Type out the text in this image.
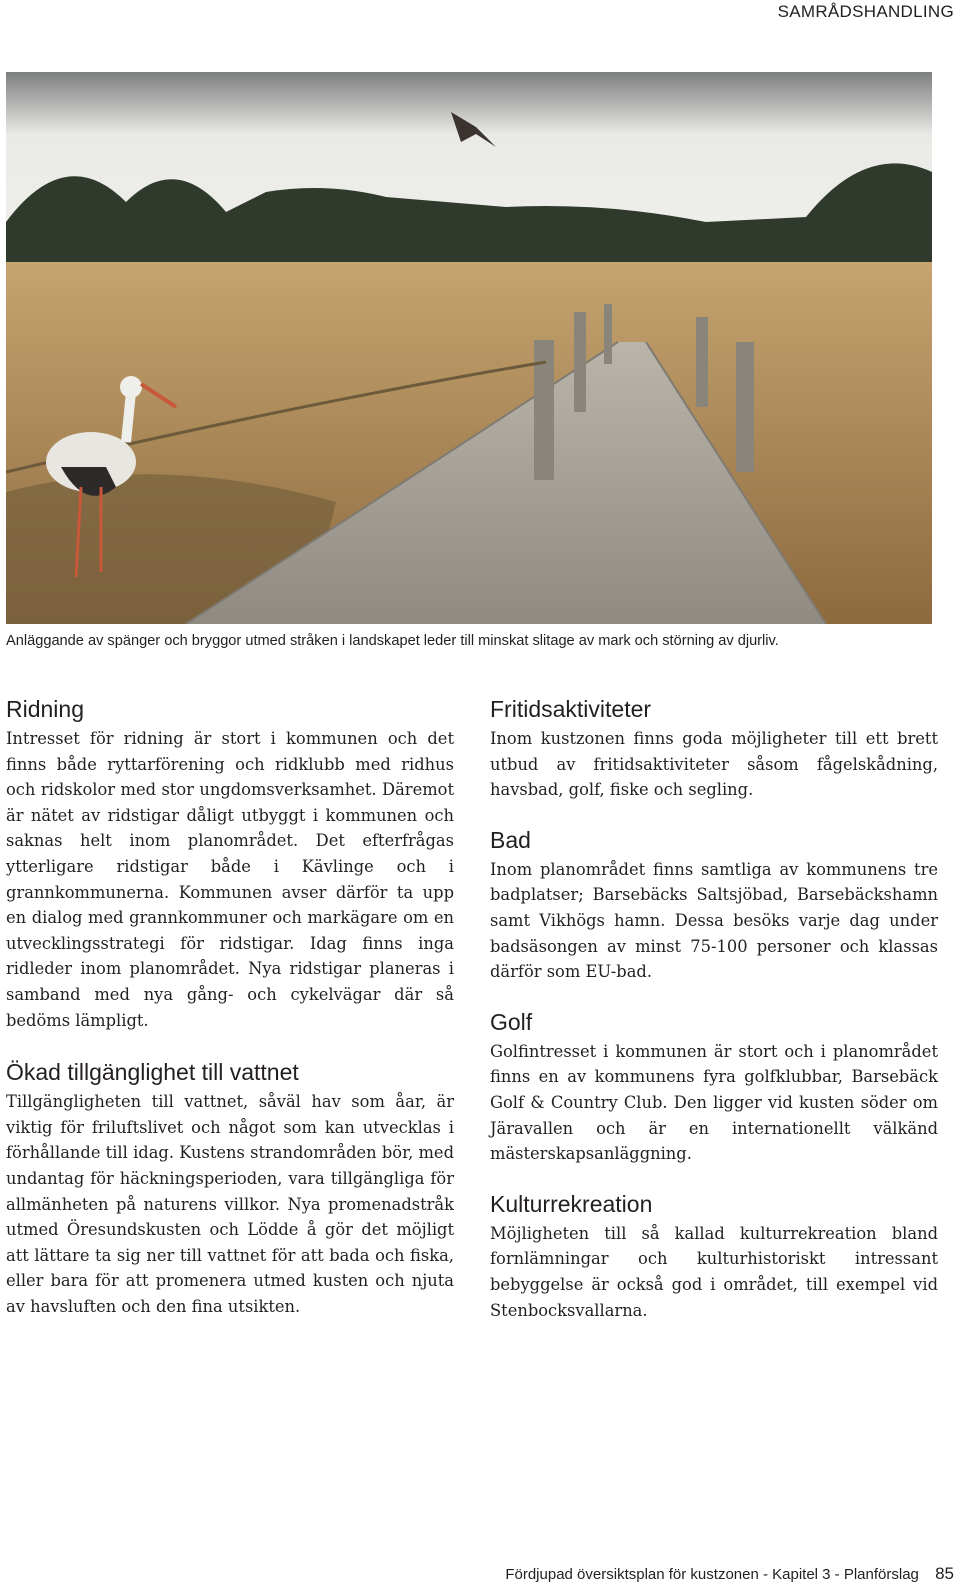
SAMRÅDSHANDLING
Anläggande av spänger och bryggor utmed stråken i landskapet leder till minskat slitage av mark och störning av djurliv.
Ridning

Intresset för ridning är stort i kommunen och det finns både ryttarförening och ridklubb med ridhus och ridskolor med stor ungdomsverksamhet. Däremot är nätet av ridstigar dåligt utbyggt i kommunen och saknas helt inom planområdet. Det efterfrågas ytterligare ridstigar både i Kävlinge och i grannkommunerna. Kommunen avser därför ta upp en dialog med grannkommuner och markägare om en utvecklingsstrategi för ridstigar. Idag finns inga ridleder inom planområdet. Nya ridstigar planeras i samband med nya gång- och cykelvägar där så bedöms lämpligt.

Ökad tillgänglighet till vattnet

Tillgängligheten till vattnet, såväl hav som åar, är viktig för friluftslivet och något som kan utvecklas i förhållande till idag. Kustens strandområden bör, med undantag för häckningsperioden, vara tillgängliga för allmänheten på naturens villkor. Nya promenadstråk utmed Öresundskusten och Lödde å gör det möjligt att lättare ta sig ner till vattnet för att bada och fiska, eller bara för att promenera utmed kusten och njuta av havsluften och den fina utsikten.

Fritidsaktiviteter

Inom kustzonen finns goda möjligheter till ett brett utbud av fritidsaktiviteter såsom fågelskådning, havsbad, golf, fiske och segling.

Bad

Inom planområdet finns samtliga av kommunens tre badplatser; Barsebäcks Saltsjöbad, Barsebäckshamn samt Vikhögs hamn. Dessa besöks varje dag under badsäsongen av minst 75-100 personer och klassas därför som EU-bad.

Golf

Golfintresset i kommunen är stort och i planområdet finns en av kommunens fyra golfklubbar, Barsebäck Golf & Country Club. Den ligger vid kusten söder om Järavallen och är en internationellt välkänd mästerskapsanläggning.

Kulturrekreation

Möjligheten till så kallad kulturrekreation bland fornlämningar och kulturhistoriskt intressant bebyggelse är också god i området, till exempel vid Stenbocksvallarna.

Fördjupad översiktsplan för kustzonen - Kapitel 3 - Planförslag 85
